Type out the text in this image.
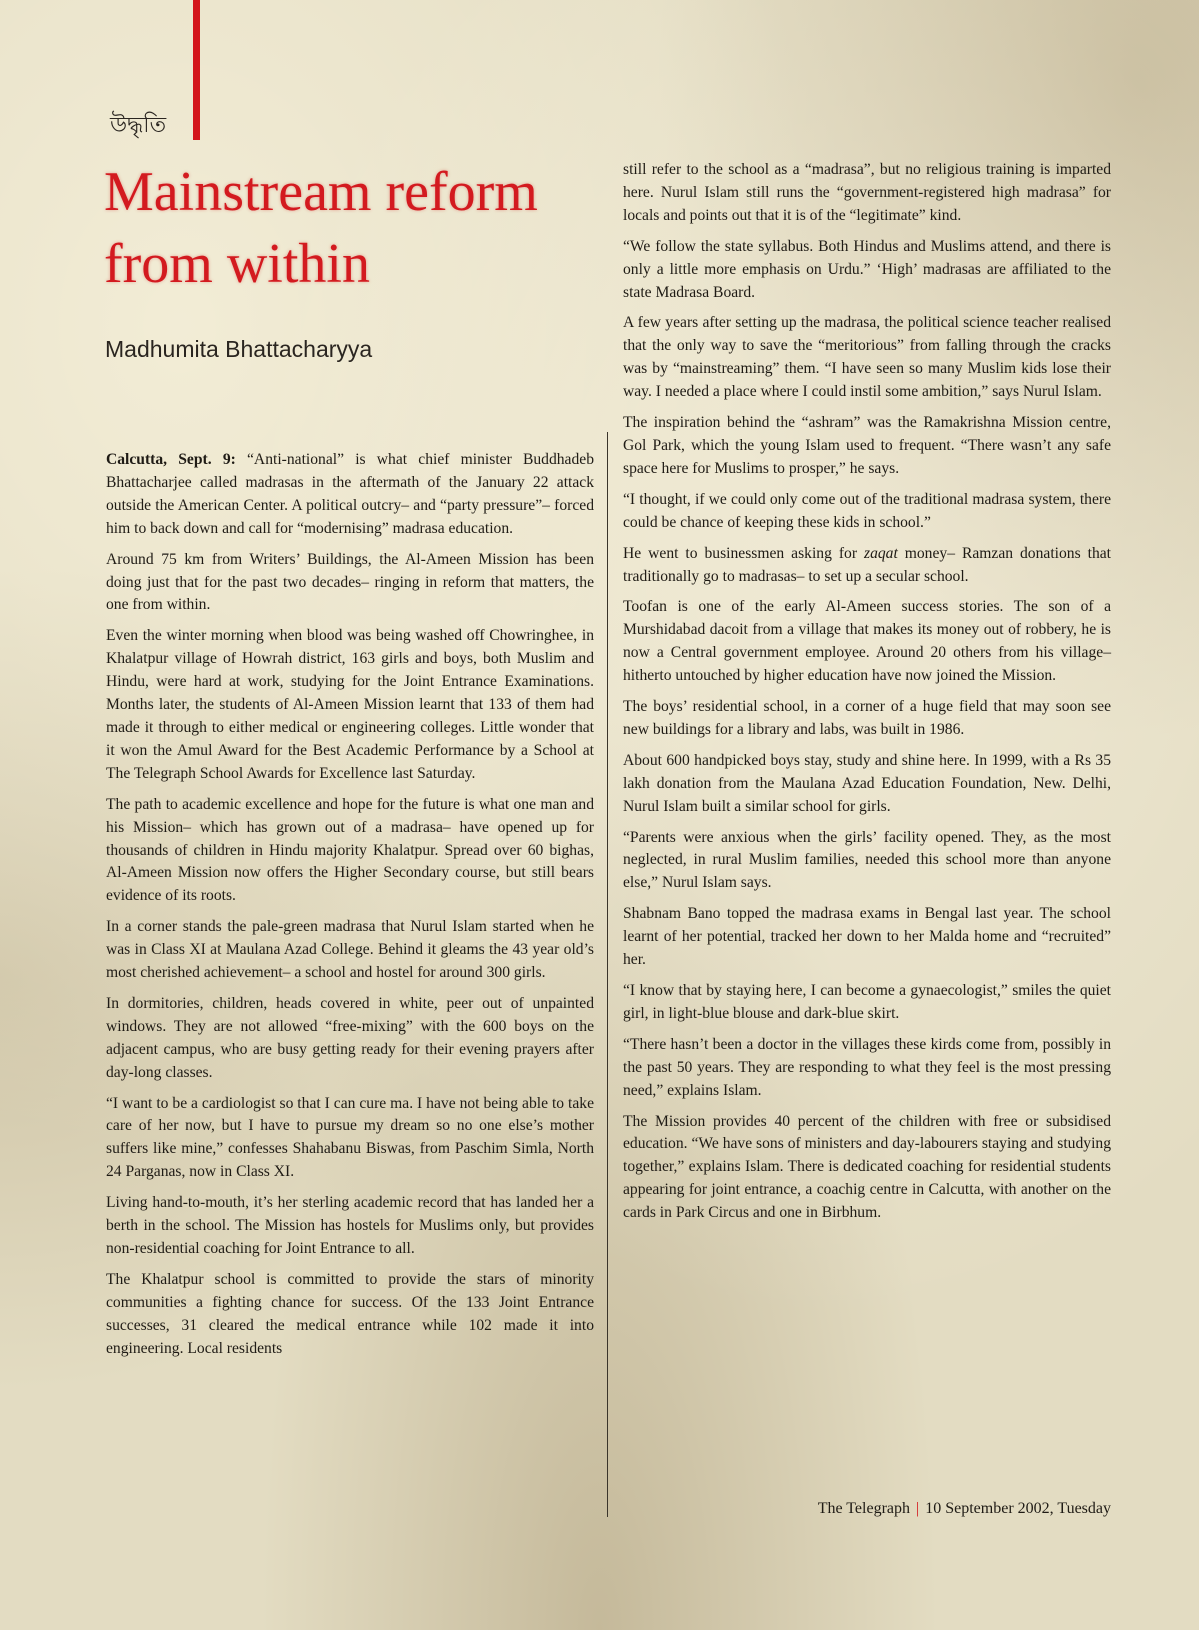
উদ্ধৃতি
Mainstream reform from within
Madhumita Bhattacharyya

Calcutta, Sept. 9: “Anti-national” is what chief minister Buddhadeb Bhattacharjee called madrasas in the aftermath of the January 22 attack outside the American Center. A political outcry– and “party pressure”– forced him to back down and call for “modernising” madrasa education.

Around 75 km from Writers’ Buildings, the Al-Ameen Mission has been doing just that for the past two decades– ringing in reform that matters, the one from within.

Even the winter morning when blood was being washed off Chowringhee, in Khalatpur village of Howrah district, 163 girls and boys, both Muslim and Hindu, were hard at work, studying for the Joint Entrance Examinations. Months later, the students of Al-Ameen Mission learnt that 133 of them had made it through to either medical or engineering colleges. Little wonder that it won the Amul Award for the Best Academic Performance by a School at The Telegraph School Awards for Excellence last Saturday.

The path to academic excellence and hope for the future is what one man and his Mission– which has grown out of a madrasa– have opened up for thousands of children in Hindu majority Khalatpur. Spread over 60 bighas, Al-Ameen Mission now offers the Higher Secondary course, but still bears evidence of its roots.

In a corner stands the pale-green madrasa that Nurul Islam started when he was in Class XI at Maulana Azad College. Behind it gleams the 43 year old’s most cherished achievement– a school and hostel for around 300 girls.

In dormitories, children, heads covered in white, peer out of unpainted windows. They are not allowed “free-mixing” with the 600 boys on the adjacent campus, who are busy getting ready for their evening prayers after day-long classes.

“I want to be a cardiologist so that I can cure ma. I have not being able to take care of her now, but I have to pursue my dream so no one else’s mother suffers like mine,” confesses Shahabanu Biswas, from Paschim Simla, North 24 Parganas, now in Class XI.

Living hand-to-mouth, it’s her sterling academic record that has landed her a berth in the school. The Mission has hostels for Muslims only, but provides non-residential coaching for Joint Entrance to all.

The Khalatpur school is committed to provide the stars of minority communities a fighting chance for success. Of the 133 Joint Entrance successes, 31 cleared the medical entrance while 102 made it into engineering. Local residents

still refer to the school as a “madrasa”, but no religious training is imparted here. Nurul Islam still runs the “government-registered high madrasa” for locals and points out that it is of the “legitimate” kind.

“We follow the state syllabus. Both Hindus and Muslims attend, and there is only a little more emphasis on Urdu.” ‘High’ madrasas are affiliated to the state Madrasa Board.

A few years after setting up the madrasa, the political science teacher realised that the only way to save the “meritorious” from falling through the cracks was by “mainstreaming” them. “I have seen so many Muslim kids lose their way. I needed a place where I could instil some ambition,” says Nurul Islam.

The inspiration behind the “ashram” was the Ramakrishna Mission centre, Gol Park, which the young Islam used to frequent. “There wasn’t any safe space here for Muslims to prosper,” he says.

“I thought, if we could only come out of the traditional madrasa system, there could be chance of keeping these kids in school.”

He went to businessmen asking for zaqat money– Ramzan donations that traditionally go to madrasas– to set up a secular school.

Toofan is one of the early Al-Ameen success stories. The son of a Murshidabad dacoit from a village that makes its money out of robbery, he is now a Central government employee. Around 20 others from his village– hitherto untouched by higher education have now joined the Mission.

The boys’ residential school, in a corner of a huge field that may soon see new buildings for a library and labs, was built in 1986.

About 600 handpicked boys stay, study and shine here. In 1999, with a Rs 35 lakh donation from the Maulana Azad Education Foundation, New. Delhi, Nurul Islam built a similar school for girls.

“Parents were anxious when the girls’ facility opened. They, as the most neglected, in rural Muslim families, needed this school more than anyone else,” Nurul Islam says.

Shabnam Bano topped the madrasa exams in Bengal last year. The school learnt of her potential, tracked her down to her Malda home and “recruited” her.

“I know that by staying here, I can become a gynaecologist,” smiles the quiet girl, in light-blue blouse and dark-blue skirt.

“There hasn’t been a doctor in the villages these kirds come from, possibly in the past 50 years. They are responding to what they feel is the most pressing need,” explains Islam.

The Mission provides 40 percent of the children with free or subsidised education. “We have sons of ministers and day-labourers staying and studying together,” explains Islam. There is dedicated coaching for residential students appearing for joint entrance, a coachig centre in Calcutta, with another on the cards in Park Circus and one in Birbhum.

The Telegraph | 10 September 2002, Tuesday
